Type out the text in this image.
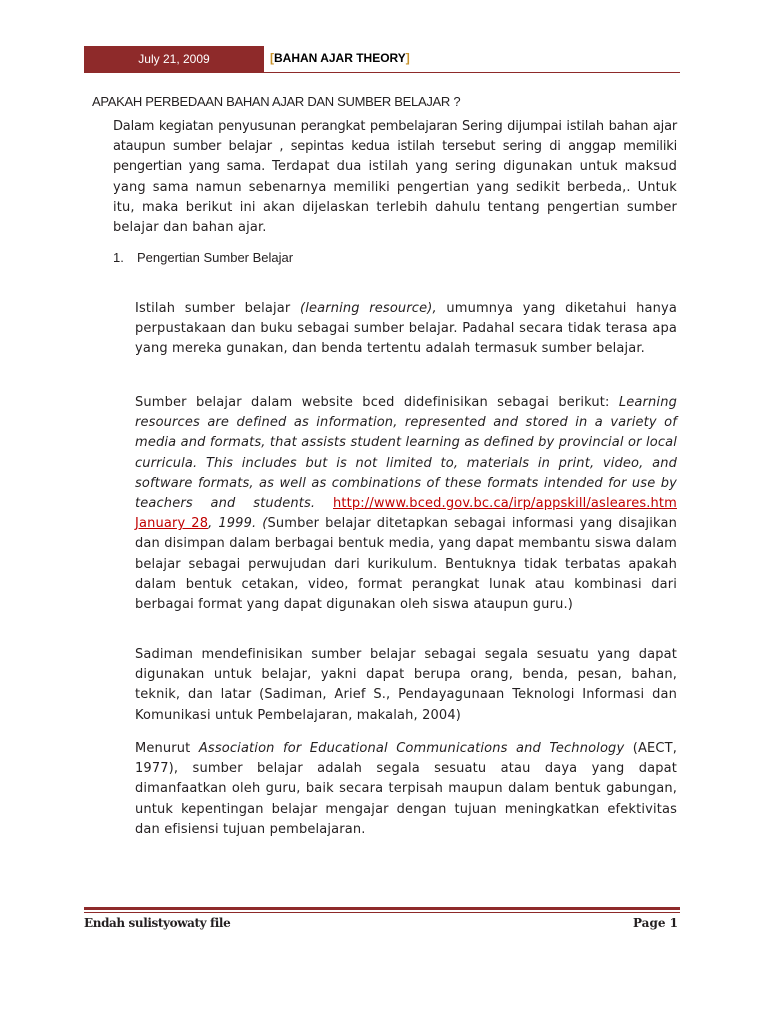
July 21, 2009	[BAHAN AJAR THEORY]
APAKAH PERBEDAAN BAHAN AJAR DAN SUMBER BELAJAR ?

Dalam kegiatan penyusunan perangkat pembelajaran Sering dijumpai istilah bahan ajar ataupun sumber belajar , sepintas kedua istilah tersebut sering di anggap memiliki pengertian yang sama. Terdapat dua istilah yang sering digunakan untuk maksud yang sama namun sebenarnya memiliki pengertian yang sedikit berbeda,. Untuk itu, maka berikut ini akan dijelaskan terlebih dahulu tentang pengertian sumber belajar dan bahan ajar.

1. Pengertian Sumber Belajar

Istilah sumber belajar (learning resource), umumnya yang diketahui hanya perpustakaan dan buku sebagai sumber belajar. Padahal secara tidak terasa apa yang mereka gunakan, dan benda tertentu adalah termasuk sumber belajar.

Sumber belajar dalam website bced didefinisikan sebagai berikut: Learning resources are defined as information, represented and stored in a variety of media and formats, that assists student learning as defined by provincial or local curricula. This includes but is not limited to, materials in print, video, and software formats, as well as combinations of these formats intended for use by teachers and students. http://www.bced.gov.bc.ca/irp/appskill/asleares.htm January 28, 1999. (Sumber belajar ditetapkan sebagai informasi yang disajikan dan disimpan dalam berbagai bentuk media, yang dapat membantu siswa dalam belajar sebagai perwujudan dari kurikulum. Bentuknya tidak terbatas apakah dalam bentuk cetakan, video, format perangkat lunak atau kombinasi dari berbagai format yang dapat digunakan oleh siswa ataupun guru.)

Sadiman mendefinisikan sumber belajar sebagai segala sesuatu yang dapat digunakan untuk belajar, yakni dapat berupa orang, benda, pesan, bahan, teknik, dan latar (Sadiman, Arief S., Pendayagunaan Teknologi Informasi dan Komunikasi untuk Pembelajaran, makalah, 2004)

Menurut Association for Educational Communications and Technology (AECT, 1977), sumber belajar adalah segala sesuatu atau daya yang dapat dimanfaatkan oleh guru, baik secara terpisah maupun dalam bentuk gabungan, untuk kepentingan belajar mengajar dengan tujuan meningkatkan efektivitas dan efisiensi tujuan pembelajaran.

Endah sulistyowaty file	Page 1
